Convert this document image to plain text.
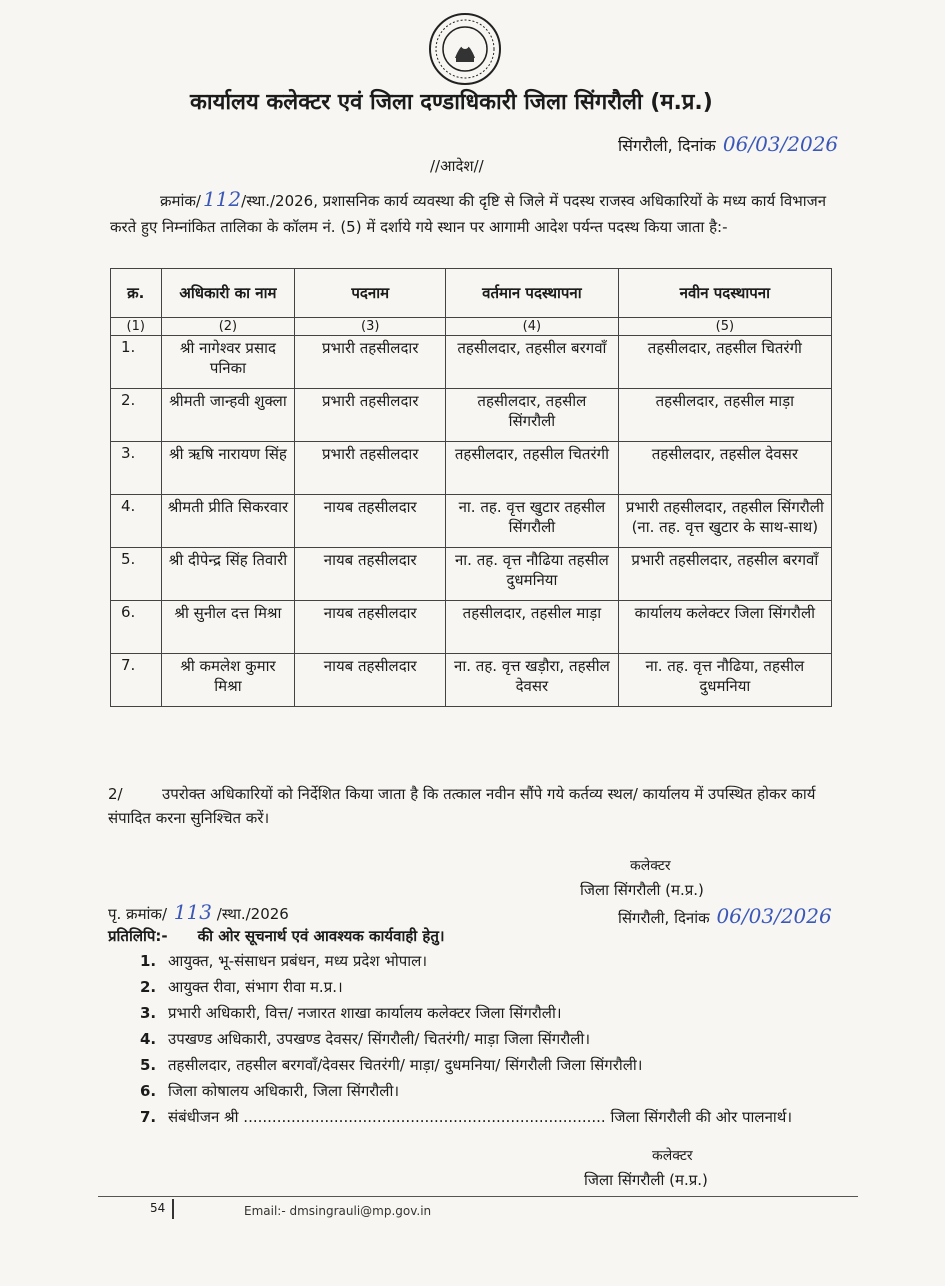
कार्यालय कलेक्टर एवं जिला दण्डाधिकारी जिला सिंगरौली (म.प्र.)
सिंगरौली, दिनांक 06/03/2026
//आदेश//
क्रमांक/ 112/स्था./2026, प्रशासनिक कार्य व्यवस्था की दृष्टि से जिले में पदस्थ राजस्व अधिकारियों के मध्य कार्य विभाजन करते हुए निम्नांकित तालिका के कॉलम नं. (5) में दर्शाये गये स्थान पर आगामी आदेश पर्यन्त पदस्थ किया जाता है:-
क्र.	अधिकारी का नाम	पदनाम	वर्तमान पदस्थापना	नवीन पदस्थापना
(1)	(2)	(3)	(4)	(5)
1.	श्री नागेश्वर प्रसाद पनिका	प्रभारी तहसीलदार	तहसीलदार, तहसील बरगवाँ	तहसीलदार, तहसील चितरंगी
2.	श्रीमती जान्हवी शुक्ला	प्रभारी तहसीलदार	तहसीलदार, तहसील सिंगरौली	तहसीलदार, तहसील माड़ा
3.	श्री ऋषि नारायण सिंह	प्रभारी तहसीलदार	तहसीलदार, तहसील चितरंगी	तहसीलदार, तहसील देवसर
4.	श्रीमती प्रीति सिकरवार	नायब तहसीलदार	ना. तह. वृत्त खुटार तहसील सिंगरौली	प्रभारी तहसीलदार, तहसील सिंगरौली (ना. तह. वृत्त खुटार के साथ-साथ)
5.	श्री दीपेन्द्र सिंह तिवारी	नायब तहसीलदार	ना. तह. वृत्त नौढिया तहसील दुधमनिया	प्रभारी तहसीलदार, तहसील बरगवाँ
6.	श्री सुनील दत्त मिश्रा	नायब तहसीलदार	तहसीलदार, तहसील माड़ा	कार्यालय कलेक्टर जिला सिंगरौली
7.	श्री कमलेश कुमार मिश्रा	नायब तहसीलदार	ना. तह. वृत्त खड़ौरा, तहसील देवसर	ना. तह. वृत्त नौढिया, तहसील दुधमनिया
2/	उपरोक्त अधिकारियों को निर्देशित किया जाता है कि तत्काल नवीन सौंपे गये कर्तव्य स्थल/ कार्यालय में उपस्थित होकर कार्य संपादित करना सुनिश्चित करें।
कलेक्टर
जिला सिंगरौली (म.प्र.)
पृ. क्रमांक/ 113 /स्था./2026	सिंगरौली, दिनांक 06/03/2026
प्रतिलिपि:- की ओर सूचनार्थ एवं आवश्यक कार्यवाही हेतु।
1. आयुक्त, भू-संसाधन प्रबंधन, मध्य प्रदेश भोपाल।
2. आयुक्त रीवा, संभाग रीवा म.प्र.।
3. प्रभारी अधिकारी, वित्त/ नजारत शाखा कार्यालय कलेक्टर जिला सिंगरौली।
4. उपखण्ड अधिकारी, उपखण्ड देवसर/ सिंगरौली/ चितरंगी/ माड़ा जिला सिंगरौली।
5. तहसीलदार, तहसील बरगवाँ/देवसर चितरंगी/ माड़ा/ दुधमनिया/ सिंगरौली जिला सिंगरौली।
6. जिला कोषालय अधिकारी, जिला सिंगरौली।
7. संबंधीजन श्री ............................................................................ जिला सिंगरौली की ओर पालनार्थ।
कलेक्टर
जिला सिंगरौली (म.प्र.)
54	Email:- dmsingrauli@mp.gov.in
